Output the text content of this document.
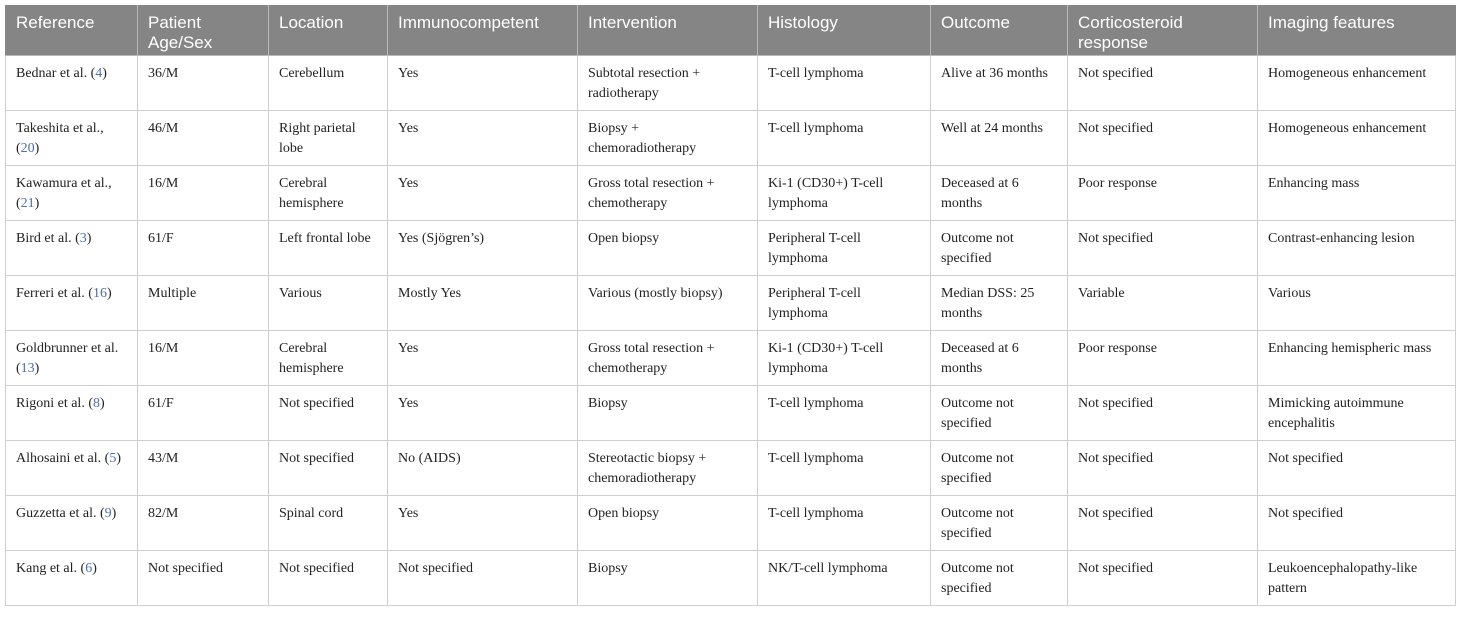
Reference	Patient Age/Sex	Location	Immunocompetent	Intervention	Histology	Outcome	Corticosteroid response	Imaging features
Bednar et al. (4)	36/M	Cerebellum	Yes	Subtotal resection + radiotherapy	T-cell lymphoma	Alive at 36 months	Not specified	Homogeneous enhancement
Takeshita et al., (20)	46/M	Right parietal lobe	Yes	Biopsy + chemoradiotherapy	T-cell lymphoma	Well at 24 months	Not specified	Homogeneous enhancement
Kawamura et al., (21)	16/M	Cerebral hemisphere	Yes	Gross total resection + chemotherapy	Ki-1 (CD30+) T-cell lymphoma	Deceased at 6 months	Poor response	Enhancing mass
Bird et al. (3)	61/F	Left frontal lobe	Yes (Sjögren’s)	Open biopsy	Peripheral T-cell lymphoma	Outcome not specified	Not specified	Contrast-enhancing lesion
Ferreri et al. (16)	Multiple	Various	Mostly Yes	Various (mostly biopsy)	Peripheral T-cell lymphoma	Median DSS: 25 months	Variable	Various
Goldbrunner et al. (13)	16/M	Cerebral hemisphere	Yes	Gross total resection + chemotherapy	Ki-1 (CD30+) T-cell lymphoma	Deceased at 6 months	Poor response	Enhancing hemispheric mass
Rigoni et al. (8)	61/F	Not specified	Yes	Biopsy	T-cell lymphoma	Outcome not specified	Not specified	Mimicking autoimmune encephalitis
Alhosaini et al. (5)	43/M	Not specified	No (AIDS)	Stereotactic biopsy + chemoradiotherapy	T-cell lymphoma	Outcome not specified	Not specified	Not specified
Guzzetta et al. (9)	82/M	Spinal cord	Yes	Open biopsy	T-cell lymphoma	Outcome not specified	Not specified	Not specified
Kang et al. (6)	Not specified	Not specified	Not specified	Biopsy	NK/T-cell lymphoma	Outcome not specified	Not specified	Leukoencephalopathy-like pattern
